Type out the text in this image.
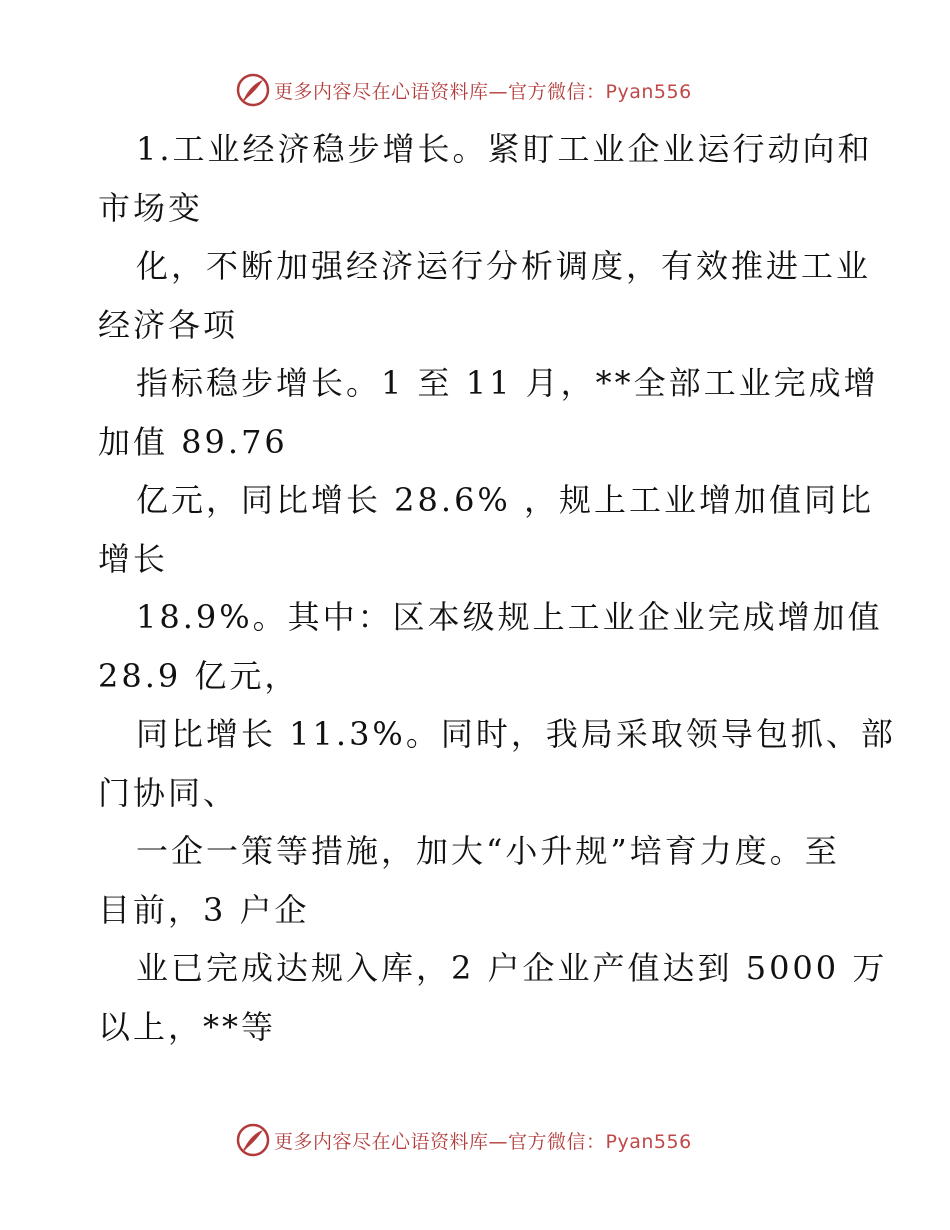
更多内容尽在心语资料库—官方微信：Pyan556
1.工业经济稳步增长。紧盯工业企业运行动向和
市场变
化，不断加强经济运行分析调度，有效推进工业
经济各项
指标稳步增长。1 至 11 月，**全部工业完成增
加值 89.76
亿元，同比增长 28.6% ，规上工业增加值同比
增长
18.9%。其中：区本级规上工业企业完成增加值
28.9 亿元，
同比增长 11.3%。同时，我局采取领导包抓、部
门协同、
一企一策等措施，加大“小升规”培育力度。至
目前，3 户企
业已完成达规入库，2 户企业产值达到 5000 万
以上，**等
更多内容尽在心语资料库—官方微信：Pyan556
